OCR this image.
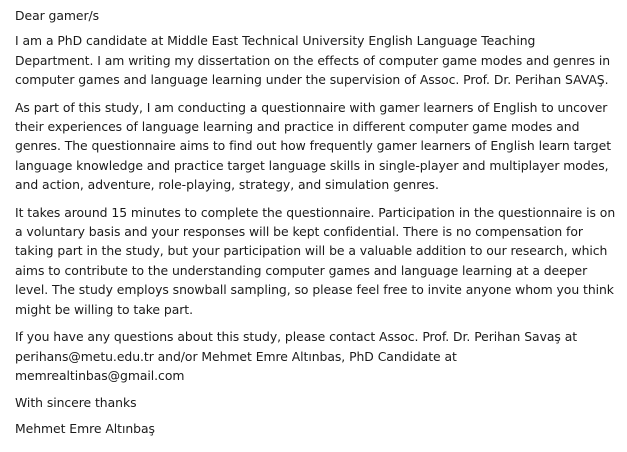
Dear gamer/s

I am a PhD candidate at Middle East Technical University English Language Teaching Department. I am writing my dissertation on the effects of computer game modes and genres in computer games and language learning under the supervision of Assoc. Prof. Dr. Perihan SAVAŞ.

As part of this study, I am conducting a questionnaire with gamer learners of English to uncover their experiences of language learning and practice in different computer game modes and genres. The questionnaire aims to find out how frequently gamer learners of English learn target language knowledge and practice target language skills in single-player and multiplayer modes, and action, adventure, role-playing, strategy, and simulation genres.

It takes around 15 minutes to complete the questionnaire. Participation in the questionnaire is on a voluntary basis and your responses will be kept confidential. There is no compensation for taking part in the study, but your participation will be a valuable addition to our research, which aims to contribute to the understanding computer games and language learning at a deeper level. The study employs snowball sampling, so please feel free to invite anyone whom you think might be willing to take part.

If you have any questions about this study, please contact Assoc. Prof. Dr. Perihan Savaş at perihans@metu.edu.tr and/or Mehmet Emre Altınbas, PhD Candidate at memrealtinbas@gmail.com

With sincere thanks

Mehmet Emre Altınbaş
